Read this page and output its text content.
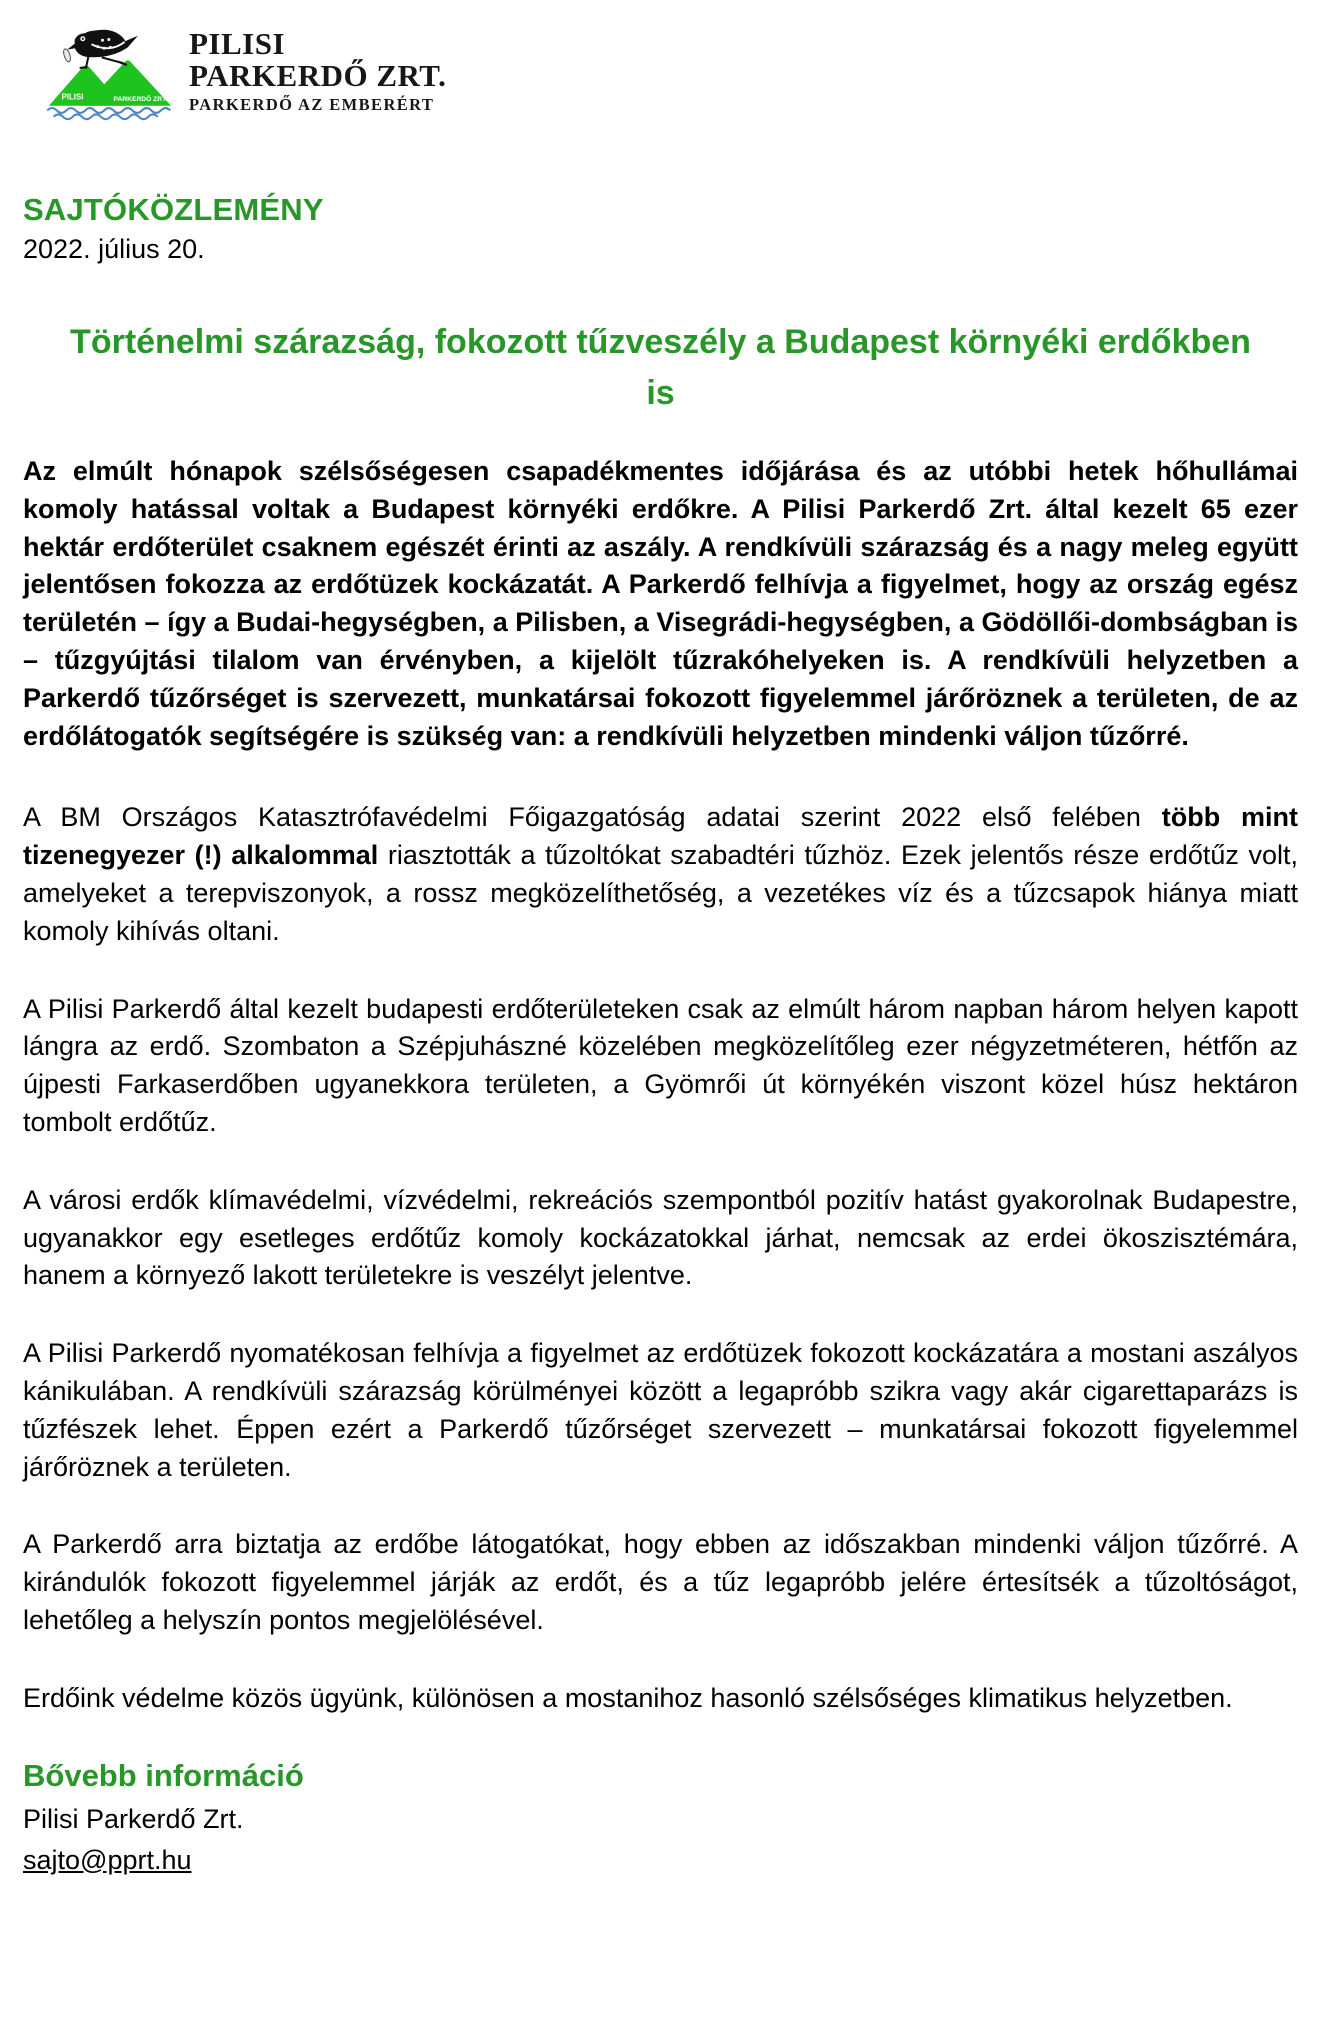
PILISI	PARKERDŐ ZRT.
PILISI
PARKERDŐ ZRT.
PARKERDŐ AZ EMBERÉRT
SAJTÓKÖZLEMÉNY
2022. július 20.
Történelmi szárazság, fokozott tűzveszély a Budapest környéki erdőkben is

Az elmúlt hónapok szélsőségesen csapadékmentes időjárása és az utóbbi hetek hőhullámai komoly hatással voltak a Budapest környéki erdőkre. A Pilisi Parkerdő Zrt. által kezelt 65 ezer hektár erdőterület csaknem egészét érinti az aszály. A rendkívüli szárazság és a nagy meleg együtt jelentősen fokozza az erdőtüzek kockázatát. A Parkerdő felhívja a figyelmet, hogy az ország egész területén – így a Budai-hegységben, a Pilisben, a Visegrádi-hegységben, a Gödöllői-dombságban is – tűzgyújtási tilalom van érvényben, a kijelölt tűzrakóhelyeken is. A rendkívüli helyzetben a Parkerdő tűzőrséget is szervezett, munkatársai fokozott figyelemmel járőröznek a területen, de az erdőlátogatók segítségére is szükség van: a rendkívüli helyzetben mindenki váljon tűzőrré.

A BM Országos Katasztrófavédelmi Főigazgatóság adatai szerint 2022 első felében több mint tizenegyezer (!) alkalommal riasztották a tűzoltókat szabadtéri tűzhöz. Ezek jelentős része erdőtűz volt, amelyeket a terepviszonyok, a rossz megközelíthetőség, a vezetékes víz és a tűzcsapok hiánya miatt komoly kihívás oltani.

A Pilisi Parkerdő által kezelt budapesti erdőterületeken csak az elmúlt három napban három helyen kapott lángra az erdő. Szombaton a Szépjuhászné közelében megközelítőleg ezer négyzetméteren, hétfőn az újpesti Farkaserdőben ugyanekkora területen, a Gyömrői út környékén viszont közel húsz hektáron tombolt erdőtűz.

A városi erdők klímavédelmi, vízvédelmi, rekreációs szempontból pozitív hatást gyakorolnak Budapestre, ugyanakkor egy esetleges erdőtűz komoly kockázatokkal járhat, nemcsak az erdei ökoszisztémára, hanem a környező lakott területekre is veszélyt jelentve.

A Pilisi Parkerdő nyomatékosan felhívja a figyelmet az erdőtüzek fokozott kockázatára a mostani aszályos kánikulában. A rendkívüli szárazság körülményei között a legapróbb szikra vagy akár cigarettaparázs is tűzfészek lehet. Éppen ezért a Parkerdő tűzőrséget szervezett – munkatársai fokozott figyelemmel járőröznek a területen.

A Parkerdő arra biztatja az erdőbe látogatókat, hogy ebben az időszakban mindenki váljon tűzőrré. A kirándulók fokozott figyelemmel járják az erdőt, és a tűz legapróbb jelére értesítsék a tűzoltóságot, lehetőleg a helyszín pontos megjelölésével.

Erdőink védelme közös ügyünk, különösen a mostanihoz hasonló szélsőséges klimatikus helyzetben.

Bővebb információ
Pilisi Parkerdő Zrt.
sajto@pprt.hu
